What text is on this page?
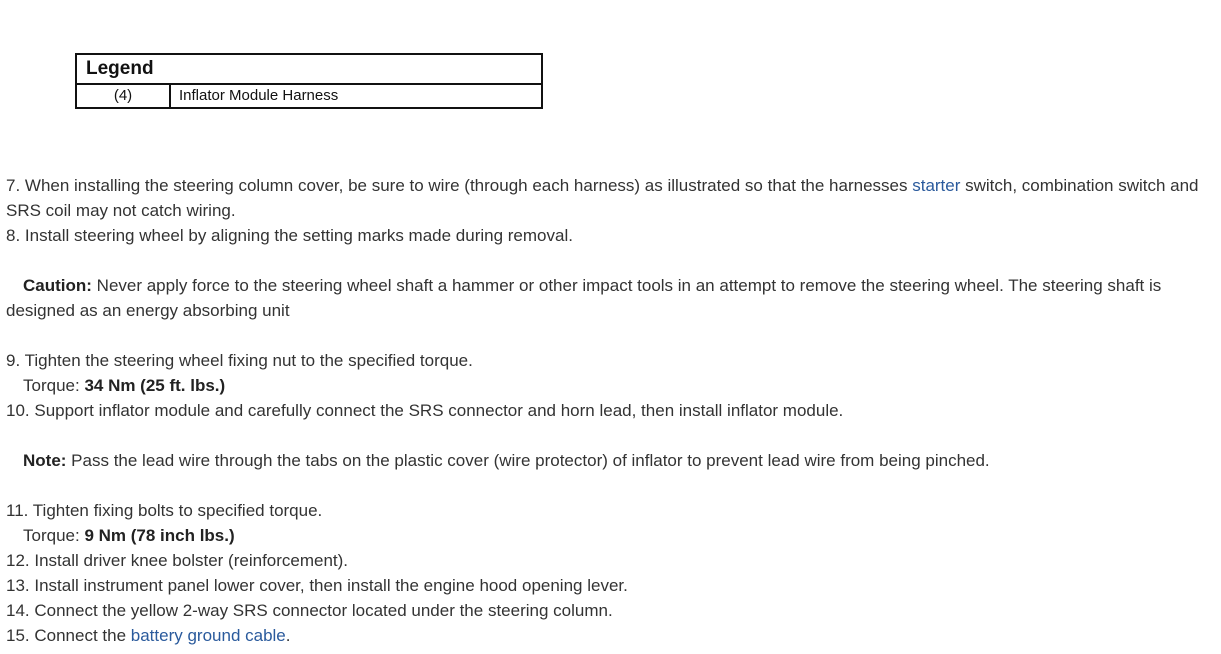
Legend
(4)	Inflator Module Harness
7. When installing the steering column cover, be sure to wire (through each harness) as illustrated so that the harnesses starter switch, combination switch and SRS coil may not catch wiring.
8. Install steering wheel by aligning the setting marks made during removal.
Caution: Never apply force to the steering wheel shaft a hammer or other impact tools in an attempt to remove the steering wheel. The steering shaft is designed as an energy absorbing unit
9. Tighten the steering wheel fixing nut to the specified torque.
Torque: 34 Nm (25 ft. lbs.)
10. Support inflator module and carefully connect the SRS connector and horn lead, then install inflator module.
Note: Pass the lead wire through the tabs on the plastic cover (wire protector) of inflator to prevent lead wire from being pinched.
11. Tighten fixing bolts to specified torque.
Torque: 9 Nm (78 inch lbs.)
12. Install driver knee bolster (reinforcement).
13. Install instrument panel lower cover, then install the engine hood opening lever.
14. Connect the yellow 2-way SRS connector located under the steering column.
15. Connect the battery ground cable.
